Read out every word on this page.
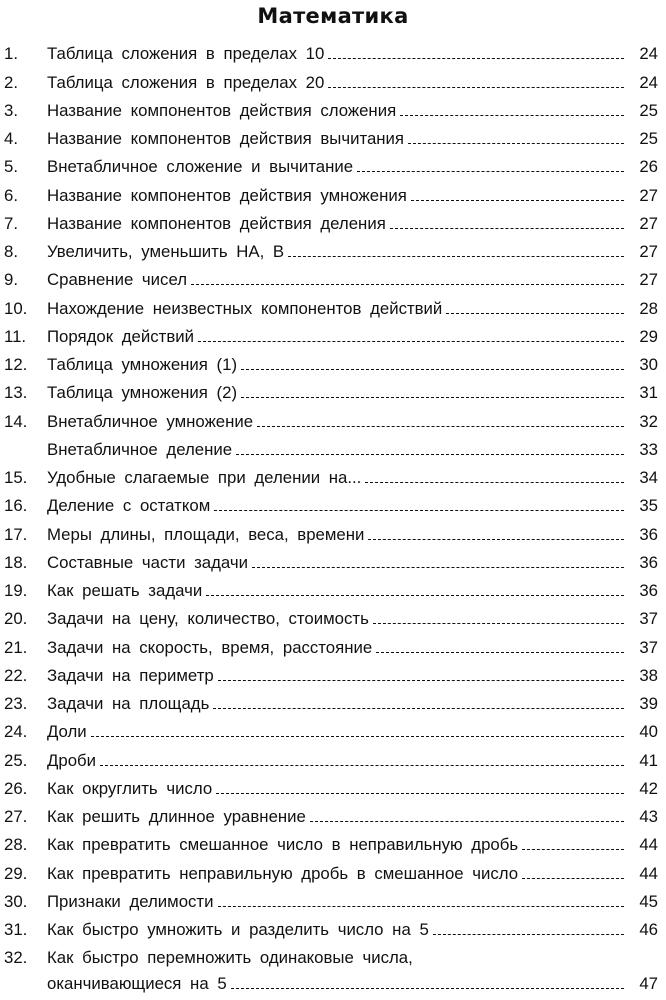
Математика
1.	Таблица сложения в пределах 10	24
2.	Таблица сложения в пределах 20	24
3.	Название компонентов действия сложения	25
4.	Название компонентов действия вычитания	25
5.	Внетабличное сложение и вычитание	26
6.	Название компонентов действия умножения	27
7.	Название компонентов действия деления	27
8.	Увеличить, уменьшить НА, В	27
9.	Сравнение чисел	27
10.	Нахождение неизвестных компонентов действий	28
11.	Порядок действий	29
12.	Таблица умножения (1)	30
13.	Таблица умножения (2)	31
14.	Внетабличное умножение	32
Внетабличное деление	33
15.	Удобные слагаемые при делении на...	34
16.	Деление с остатком	35
17.	Меры длины, площади, веса, времени	36
18.	Составные части задачи	36
19.	Как решать задачи	36
20.	Задачи на цену, количество, стоимость	37
21.	Задачи на скорость, время, расстояние	37
22.	Задачи на периметр	38
23.	Задачи на площадь	39
24.	Доли	40
25.	Дроби	41
26.	Как округлить число	42
27.	Как решить длинное уравнение	43
28.	Как превратить смешанное число в неправильную дробь	44
29.	Как превратить неправильную дробь в смешанное число	44
30.	Признаки делимости	45
31.	Как быстро умножить и разделить число на 5	46
32.	Как быстро перемножить одинаковые числа,
оканчивающиеся на 5	47
